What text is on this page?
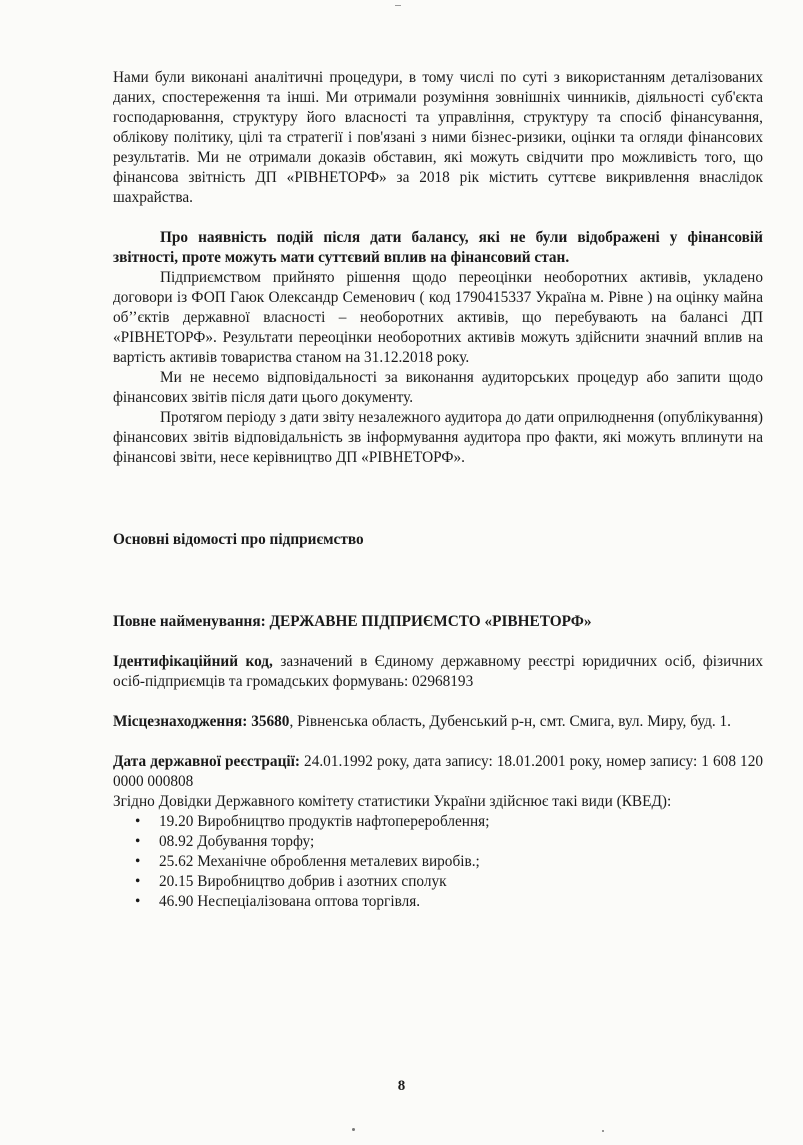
Нами були виконані аналітичні процедури, в тому числі по суті з використанням деталізованих даних, спостереження та інші. Ми отримали розуміння зовнішніх чинників, діяльності суб'єкта господарювання, структуру його власності та управління, структуру та спосіб фінансування, облікову політику, цілі та стратегії і пов'язані з ними бізнес-ризики, оцінки та огляди фінансових результатів. Ми не отримали доказів обставин, які можуть свідчити про можливість того, що фінансова звітність ДП «РІВНЕТОРФ» за 2018 рік містить суттєве викривлення внаслідок шахрайства.

Про наявність подій після дати балансу, які не були відображені у фінансовій звітності, проте можуть мати суттєвий вплив на фінансовий стан.

Підприємством прийнято рішення щодо переоцінки необоротних активів, укладено договори із ФОП Гаюк Олександр Семенович ( код 1790415337 Україна м. Рівне ) на оцінку майна об’’єктів державної власності – необоротних активів, що перебувають на балансі ДП «РІВНЕТОРФ». Результати переоцінки необоротних активів можуть здійснити значний вплив на вартість активів товариства станом на 31.12.2018 року.

Ми не несемо відповідальності за виконання аудиторських процедур або запити щодо фінансових звітів після дати цього документу.

Протягом періоду з дати звіту незалежного аудитора до дати оприлюднення (опублікування) фінансових звітів відповідальність зв інформування аудитора про факти, які можуть вплинути на фінансові звіти, несе керівництво ДП «РІВНЕТОРФ».

Основні відомості про підприємство

Повне найменування: ДЕРЖАВНЕ ПІДПРИЄМСТО «РІВНЕТОРФ»

Ідентифікаційний код, зазначений в Єдиному державному реєстрі юридичних осіб, фізичних осіб-підприємців та громадських формувань: 02968193

Місцезнаходження: 35680, Рівненська область, Дубенський р-н, смт. Смига, вул. Миру, буд. 1.

Дата державної реєстрації: 24.01.1992 року, дата запису: 18.01.2001 року, номер запису: 1 608 120 0000 000808

Згідно Довідки Державного комітету статистики України здійснює такі види (КВЕД):

• 19.20 Виробництво продуктів нафтоперероблення;
• 08.92 Добування торфу;
• 25.62 Механічне оброблення металевих виробів.;
• 20.15 Виробництво добрив і азотних сполук
• 46.90 Неспеціалізована оптова торгівля.
8
